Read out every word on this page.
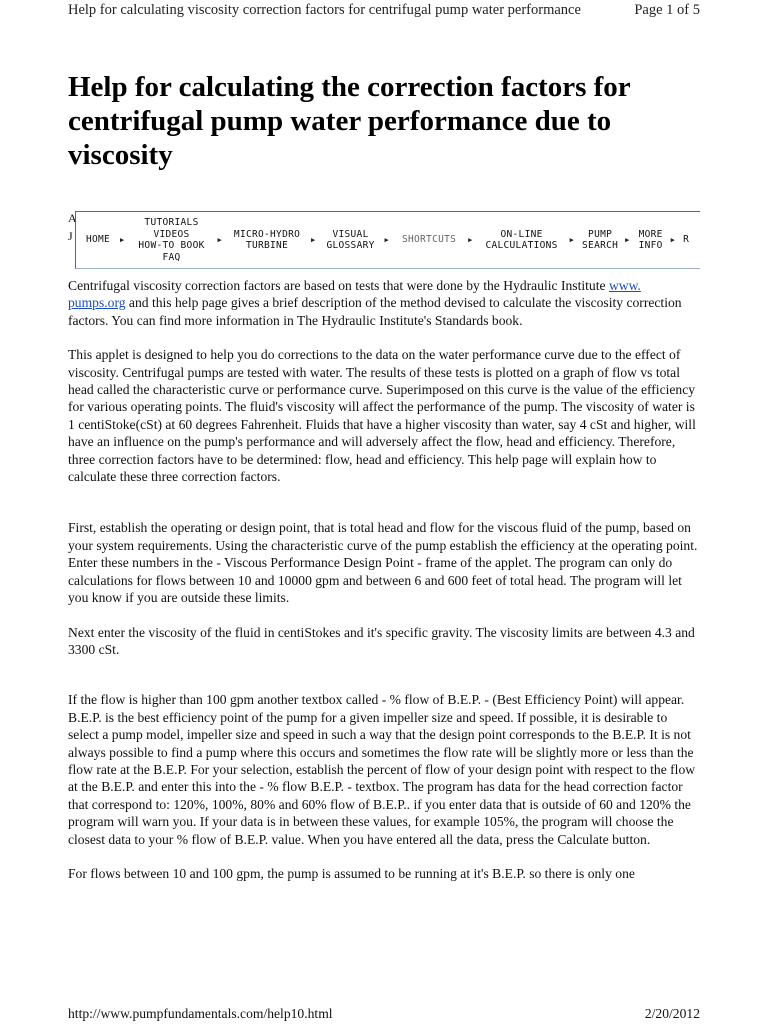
Help for calculating viscosity correction factors for centrifugal pump water performance	Page 1 of 5
Help for calculating the correction factors for centrifugal pump water performance due to viscosity
A
J	HOME	▶
TUTORIALS
VIDEOS
HOW-TO BOOK
FAQ
▶
MICRO-HYDRO
TURBINE	▶
VISUAL
GLOSSARY	▶	SHORTCUTS	▶
ON-LINE
CALCULATIONS	▶
PUMP
SEARCH ▶
MORE
INFO	▶ R

Centrifugal viscosity correction factors are based on tests that were done by the Hydraulic Institute www. pumps.org and this help page gives a brief description of the method devised to calculate the viscosity correction factors. You can find more information in The Hydraulic Institute's Standards book.

This applet is designed to help you do corrections to the data on the water performance curve due to the effect of viscosity. Centrifugal pumps are tested with water. The results of these tests is plotted on a graph of flow vs total head called the characteristic curve or performance curve. Superimposed on this curve is the value of the efficiency for various operating points. The fluid's viscosity will affect the performance of the pump. The viscosity of water is 1 centiStoke(cSt) at 60 degrees Fahrenheit. Fluids that have a higher viscosity than water, say 4 cSt and higher, will have an influence on the pump's performance and will adversely affect the flow, head and efficiency. Therefore, three correction factors have to be determined: flow, head and efficiency. This help page will explain how to calculate these three correction factors.

First, establish the operating or design point, that is total head and flow for the viscous fluid of the pump, based on your system requirements. Using the characteristic curve of the pump establish the efficiency at the operating point. Enter these numbers in the - Viscous Performance Design Point - frame of the applet. The program can only do calculations for flows between 10 and 10000 gpm and between 6 and 600 feet of total head. The program will let you know if you are outside these limits.

Next enter the viscosity of the fluid in centiStokes and it's specific gravity. The viscosity limits are between 4.3 and 3300 cSt.

If the flow is higher than 100 gpm another textbox called - % flow of B.E.P. - (Best Efficiency Point) will appear. B.E.P. is the best efficiency point of the pump for a given impeller size and speed. If possible, it is desirable to select a pump model, impeller size and speed in such a way that the design point corresponds to the B.E.P. It is not always possible to find a pump where this occurs and sometimes the flow rate will be slightly more or less than the flow rate at the B.E.P. For your selection, establish the percent of flow of your design point with respect to the flow at the B.E.P. and enter this into the - % flow B.E.P. - textbox. The program has data for the head correction factor that correspond to: 120%, 100%, 80% and 60% flow of B.E.P.. if you enter data that is outside of 60 and 120% the program will warn you. If your data is in between these values, for example 105%, the program will choose the closest data to your % flow of B.E.P. value. When you have entered all the data, press the Calculate button.

For flows between 10 and 100 gpm, the pump is assumed to be running at it's B.E.P. so there is only one

http://www.pumpfundamentals.com/help10.html	2/20/2012
